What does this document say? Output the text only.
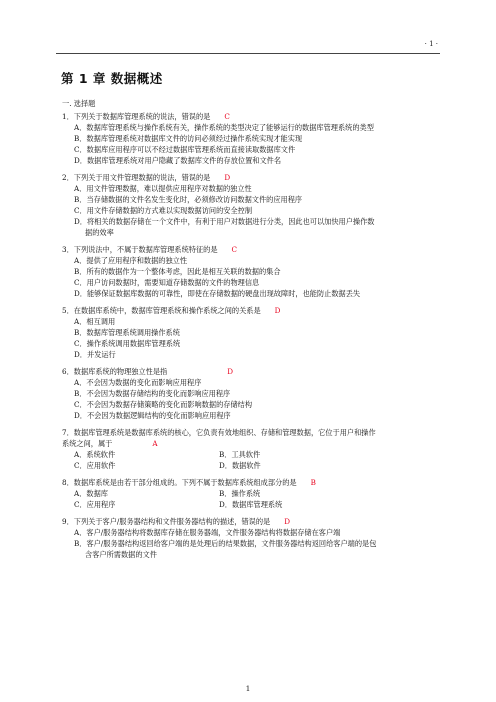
· 1 ·
第 1 章 数据概述
一. 选择题
1．下列关于数据库管理系统的说法，错误的是 C
A．数据库管理系统与操作系统有关，操作系统的类型决定了能够运行的数据库管理系统的类型
B．数据库管理系统对数据库文件的访问必须经过操作系统实现才能实现
C．数据库应用程序可以不经过数据库管理系统而直接读取数据库文件
D．数据库管理系统对用户隐藏了数据库文件的存放位置和文件名
2．下列关于用文件管理数据的说法，错误的是 D
A．用文件管理数据，难以提供应用程序对数据的独立性
B．当存储数据的文件名发生变化时，必须修改访问数据文件的应用程序
C．用文件存储数据的方式难以实现数据访问的安全控制
D．将相关的数据存储在一个文件中，有利于用户对数据进行分类，因此也可以加快用户操作数
据的效率
3．下列说法中，不属于数据库管理系统特征的是 C
A．提供了应用程序和数据的独立性
B．所有的数据作为一个整体考虑，因此是相互关联的数据的集合
C．用户访问数据时，需要知道存储数据的文件的物理信息
D．能够保证数据库数据的可靠性，即使在存储数据的硬盘出现故障时，也能防止数据丢失
5．在数据库系统中，数据库管理系统和操作系统之间的关系是 D
A．相互调用
B．数据库管理系统调用操作系统
C．操作系统调用数据库管理系统
D．并发运行
6．数据库系统的物理独立性是指	D
A．不会因为数据的变化而影响应用程序
B．不会因为数据存储结构的变化而影响应用程序
C．不会因为数据存储策略的变化而影响数据的存储结构
D．不会因为数据逻辑结构的变化而影响应用程序
7．数据库管理系统是数据库系统的核心，它负责有效地组织、存储和管理数据，它位于用户和操作
系统之间，属于	A
A．系统软件	B．工具软件
C．应用软件	D．数据软件
8．数据库系统是由若干部分组成的。下列不属于数据库系统组成部分的是 B
A．数据库	B．操作系统
C．应用程序	D．数据库管理系统
9．下列关于客户/服务器结构和文件服务器结构的描述，错误的是 D
A．客户/服务器结构将数据库存储在服务器端，文件服务器结构将数据存储在客户端
B．客户/服务器结构返回给客户端的是处理后的结果数据，文件服务器结构返回给客户端的是包
含客户所需数据的文件
1
